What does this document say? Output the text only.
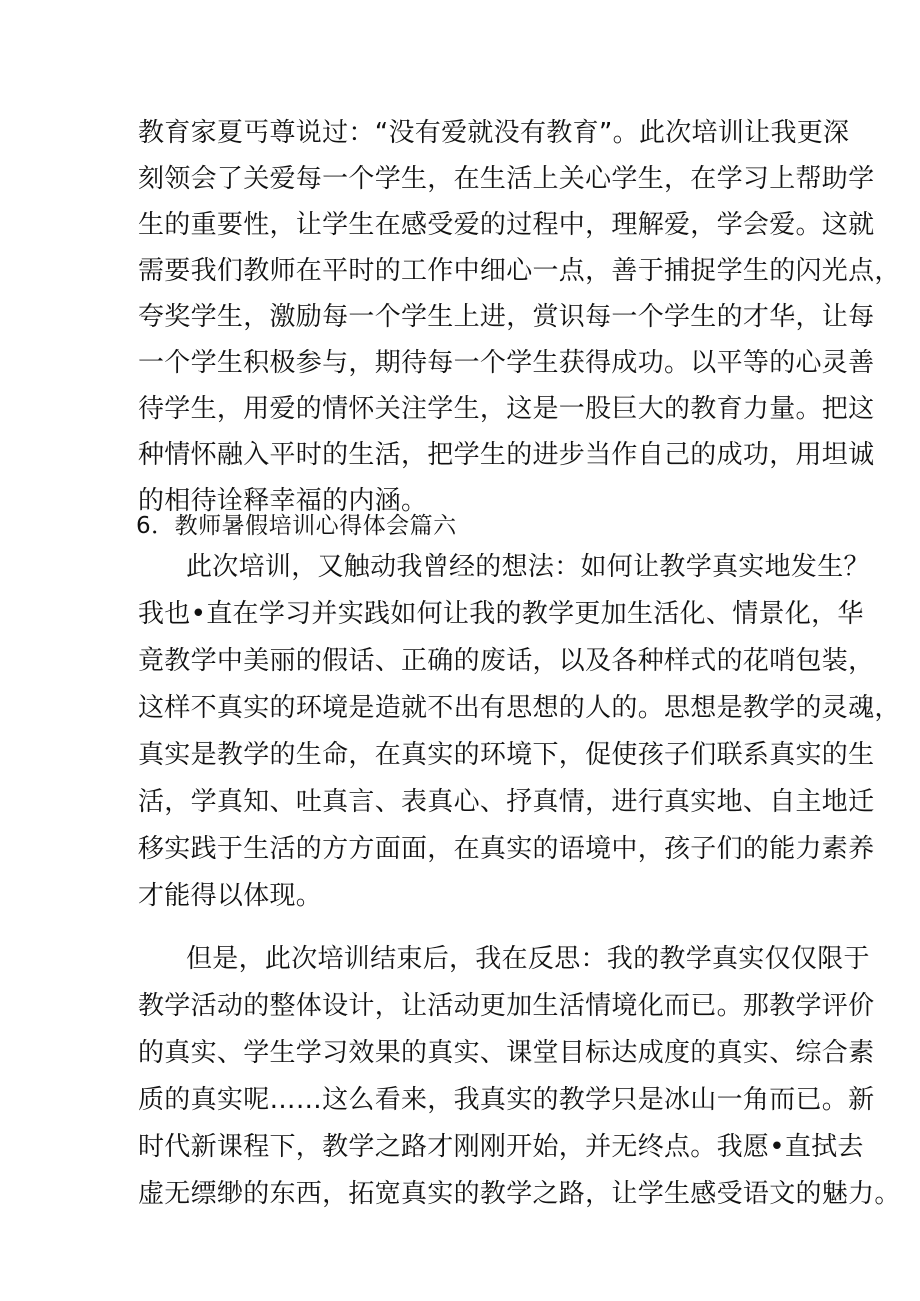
教育家夏丐尊说过：“没有爱就没有教育”。此次培训让我更深
刻领会了关爱每一个学生，在生活上关心学生，在学习上帮助学
生的重要性，让学生在感受爱的过程中，理解爱，学会爱。这就
需要我们教师在平时的工作中细心一点，善于捕捉学生的闪光点，
夸奖学生，激励每一个学生上进，赏识每一个学生的才华，让每
一个学生积极参与，期待每一个学生获得成功。以平等的心灵善
待学生，用爱的情怀关注学生，这是一股巨大的教育力量。把这
种情怀融入平时的生活，把学生的进步当作自己的成功，用坦诚
的相待诠释幸福的内涵。
6．教师暑假培训心得体会篇六
此次培训，又触动我曾经的想法：如何让教学真实地发生？
我也•直在学习并实践如何让我的教学更加生活化、情景化，华
竟教学中美丽的假话、正确的废话，以及各种样式的花哨包装，
这样不真实的环境是造就不出有思想的人的。思想是教学的灵魂，
真实是教学的生命，在真实的环境下，促使孩子们联系真实的生
活，学真知、吐真言、表真心、抒真情，进行真实地、自主地迁
移实践于生活的方方面面，在真实的语境中，孩子们的能力素养
才能得以体现。
但是，此次培训结束后，我在反思：我的教学真实仅仅限于
教学活动的整体设计，让活动更加生活情境化而已。那教学评价
的真实、学生学习效果的真实、课堂目标达成度的真实、综合素
质的真实呢……这么看来，我真实的教学只是冰山一角而已。新
时代新课程下，教学之路才刚刚开始，并无终点。我愿•直拭去
虚无缥缈的东西，拓宽真实的教学之路，让学生感受语文的魅力。
